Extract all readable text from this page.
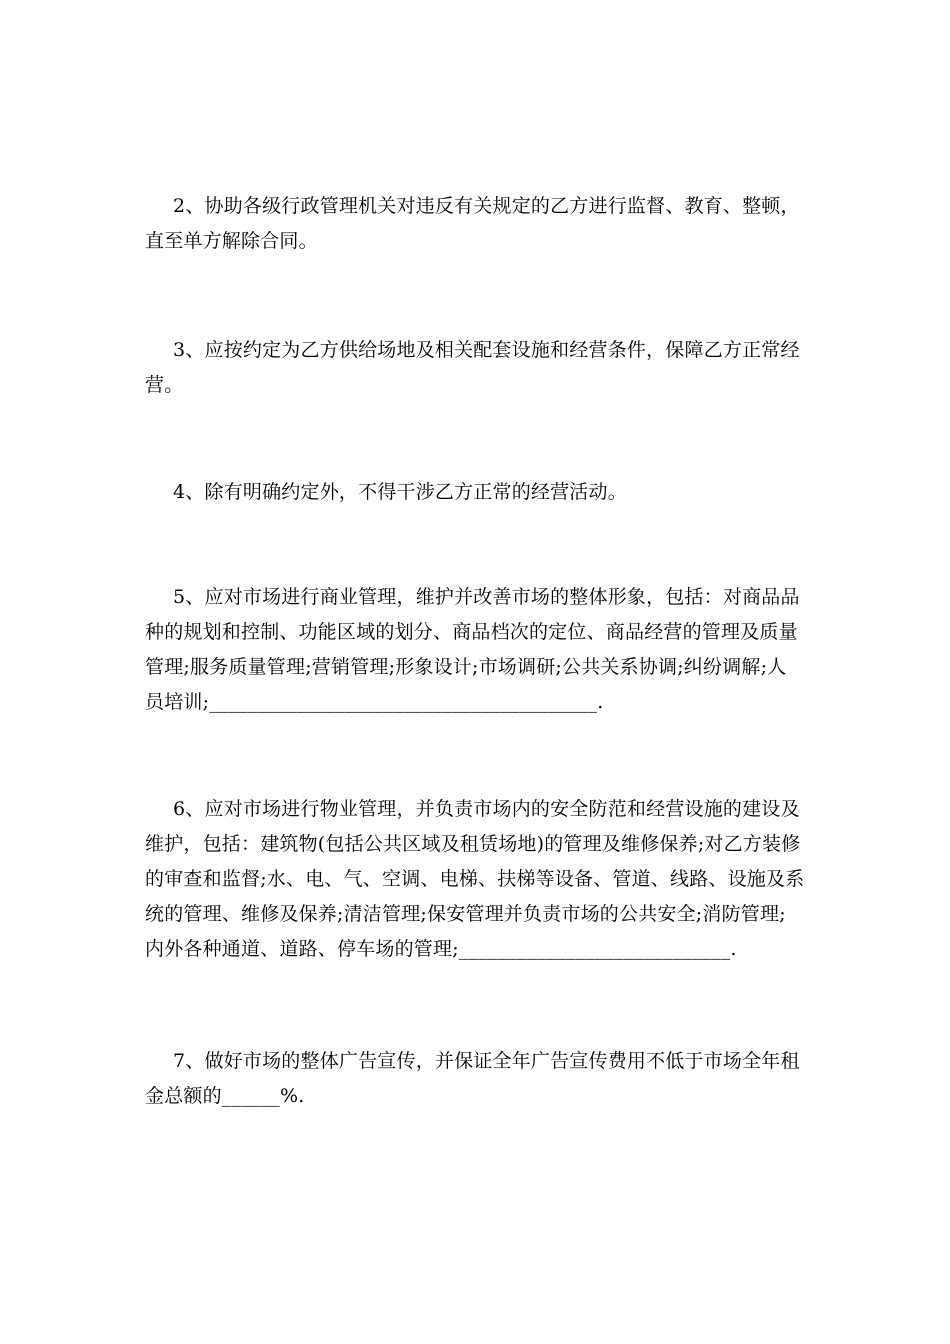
2、协助各级行政管理机关对违反有关规定的乙方进行监督、教育、整顿，
直至单方解除合同。
3、应按约定为乙方供给场地及相关配套设施和经营条件，保障乙方正常经
营。
4、除有明确约定外，不得干涉乙方正常的经营活动。
5、应对市场进行商业管理，维护并改善市场的整体形象，包括：对商品品
种的规划和控制、功能区域的划分、商品档次的定位、商品经营的管理及质量
管理;服务质量管理;营销管理;形象设计;市场调研;公共关系协调;纠纷调解;人
员培训;________________________________________.
6、应对市场进行物业管理，并负责市场内的安全防范和经营设施的建设及
维护，包括：建筑物(包括公共区域及租赁场地)的管理及维修保养;对乙方装修
的审查和监督;水、电、气、空调、电梯、扶梯等设备、管道、线路、设施及系
统的管理、维修及保养;清洁管理;保安管理并负责市场的公共安全;消防管理;
内外各种通道、道路、停车场的管理;____________________________.
7、做好市场的整体广告宣传，并保证全年广告宣传费用不低于市场全年租
金总额的______%.
